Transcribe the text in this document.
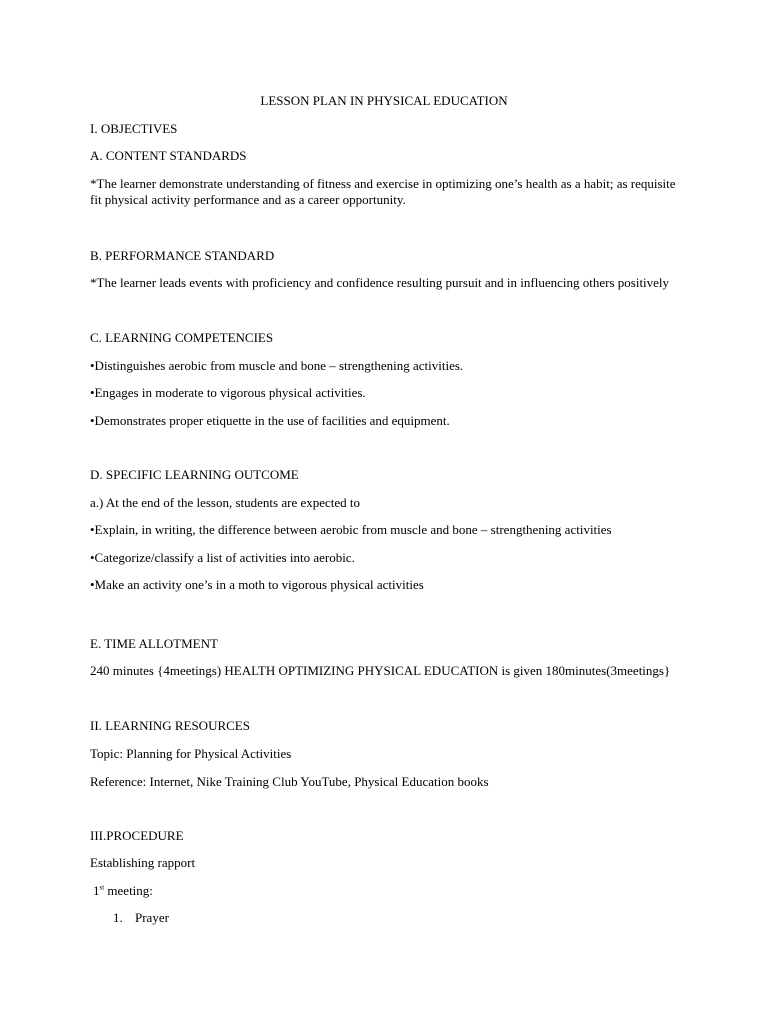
LESSON PLAN IN PHYSICAL EDUCATION

I. OBJECTIVES

A. CONTENT STANDARDS

*The learner demonstrate understanding of fitness and exercise in optimizing one’s health as a habit; as requisite fit physical activity performance and as a career opportunity.

B. PERFORMANCE STANDARD

*The learner leads events with proficiency and confidence resulting pursuit and in influencing others positively

C. LEARNING COMPETENCIES

•Distinguishes aerobic from muscle and bone – strengthening activities.

•Engages in moderate to vigorous physical activities.

•Demonstrates proper etiquette in the use of facilities and equipment.

D. SPECIFIC LEARNING OUTCOME

a.) At the end of the lesson, students are expected to

•Explain, in writing, the difference between aerobic from muscle and bone – strengthening activities

•Categorize/classify a list of activities into aerobic.

•Make an activity one’s in a moth to vigorous physical activities

E. TIME ALLOTMENT

240 minutes {4meetings) HEALTH OPTIMIZING PHYSICAL EDUCATION is given 180minutes(3meetings}

II. LEARNING RESOURCES

Topic: Planning for Physical Activities

Reference: Internet, Nike Training Club YouTube, Physical Education books

III.PROCEDURE

Establishing rapport

1st meeting:

1. Prayer
